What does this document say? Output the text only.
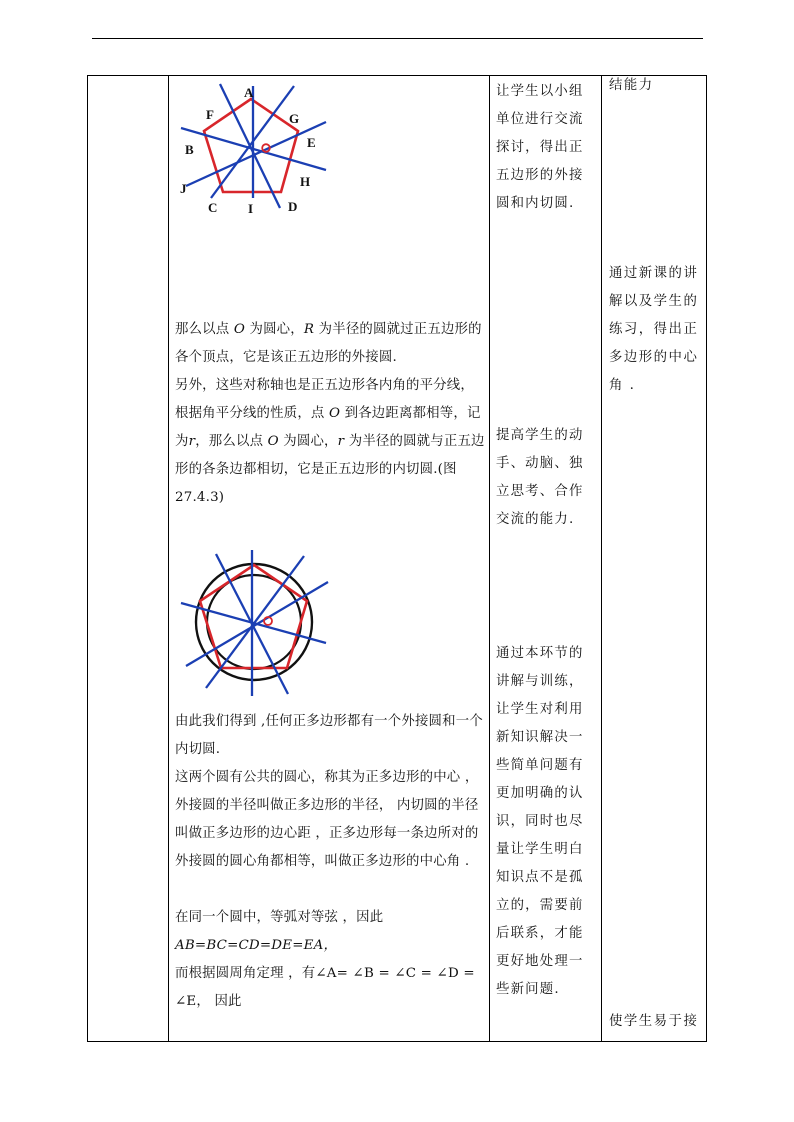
A
F	G
E
B
H
J
C I	D
那么以点 O 为圆心，R 为半径的圆就过正五边形的各个顶点，它是该正五边形的外接圆.
另外，这些对称轴也是正五边形各内角的平分线，根据角平分线的性质，点 O 到各边距离都相等，记为r，那么以点 O 为圆心，r 为半径的圆就与正五边形的各条边都相切，它是正五边形的内切圆.(图27.4.3)
由此我们得到 ,任何正多边形都有一个外接圆和一个内切圆.
这两个圆有公共的圆心，称其为正多边形的中心 ，外接圆的半径叫做正多边形的半径， 内切圆的半径叫做正多边形的边心距 ，正多边形每一条边所对的外接圆的圆心角都相等，叫做正多边形的中心角 .
在同一个圆中，等弧对等弦 ，因此
AB=BC=CD=DE=EA，
而根据圆周角定理 ，有∠A= ∠B = ∠C = ∠D =
∠E， 因此
让学生以小组单位进行交流探讨，得出正五边形的外接圆和内切圆.
提高学生的动手、动脑、独立思考、合作交流的能力.
通过本环节的讲解与训练，让学生对利用新知识解决一些简单问题有更加明确的认识，同时也尽量让学生明白知识点不是孤立的，需要前后联系，才能更好地处理一些新问题.
结能力
通过新课的讲解以及学生的练习，得出正多边形的中心角 .
使学生易于接
